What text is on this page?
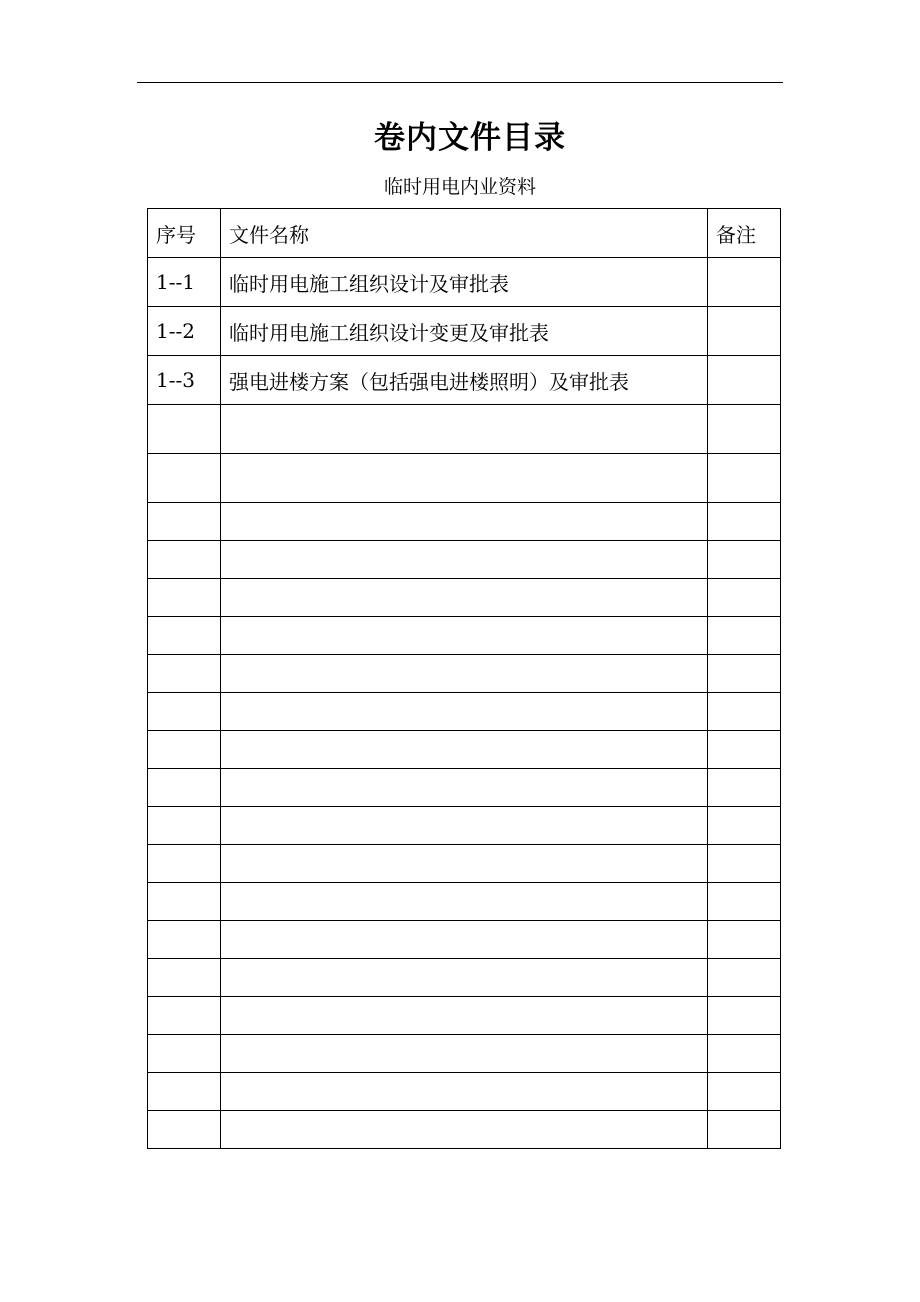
卷内文件目录
临时用电内业资料
序号	文件名称	备注
1--1	临时用电施工组织设计及审批表	
1--2	临时用电施工组织设计变更及审批表	
1--3	强电进楼方案（包括强电进楼照明）及审批表	
